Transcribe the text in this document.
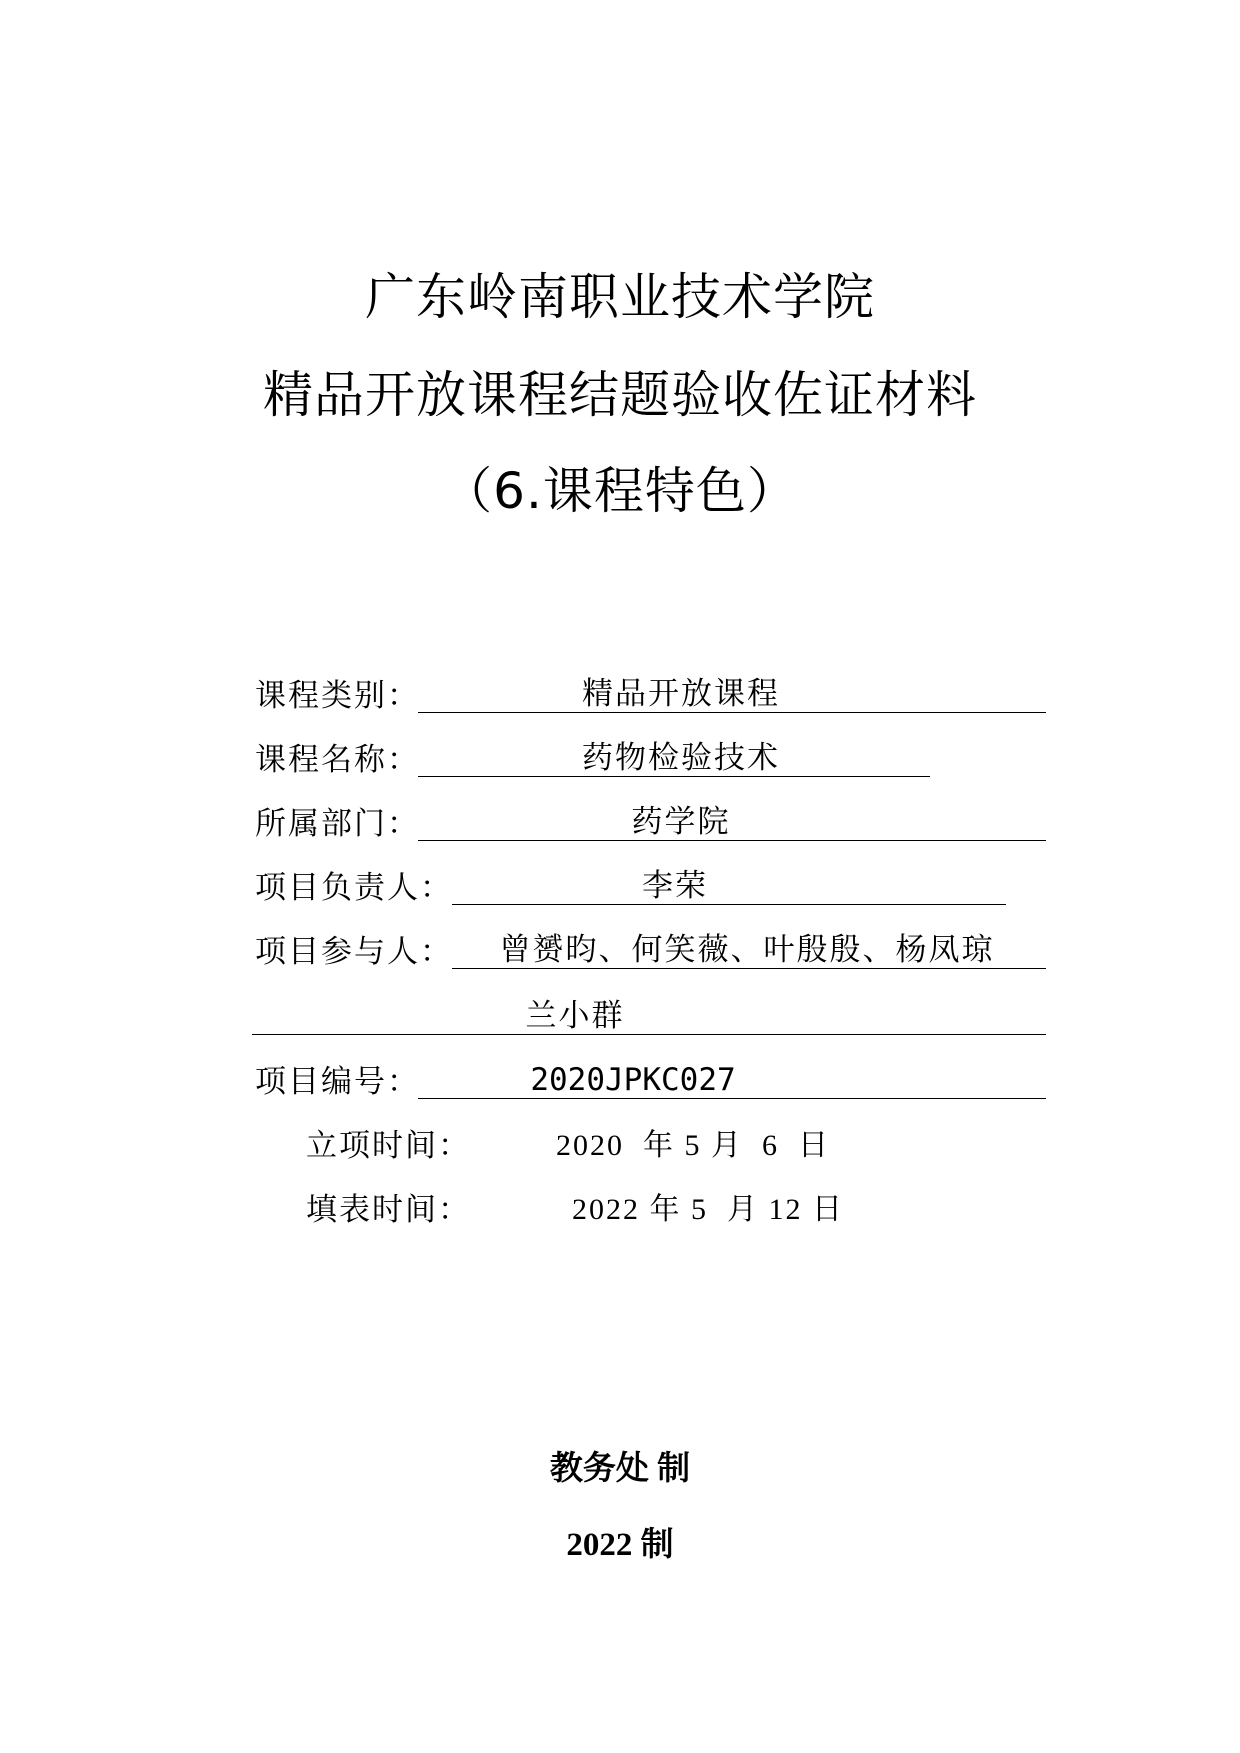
广东岭南职业技术学院
精品开放课程结题验收佐证材料
（6.课程特色）
课程类别：	精品开放课程
课程名称：	药物检验技术
所属部门：	药学院
项目负责人：	李荣
项目参与人：	曾赟昀、何笑薇、叶殷殷、杨凤琼
兰小群
项目编号：	2020JPKC027
立项时间：	2020  年 5 月  6  日
填表时间：	2022 年 5  月 12 日
教务处 制
2022 制
